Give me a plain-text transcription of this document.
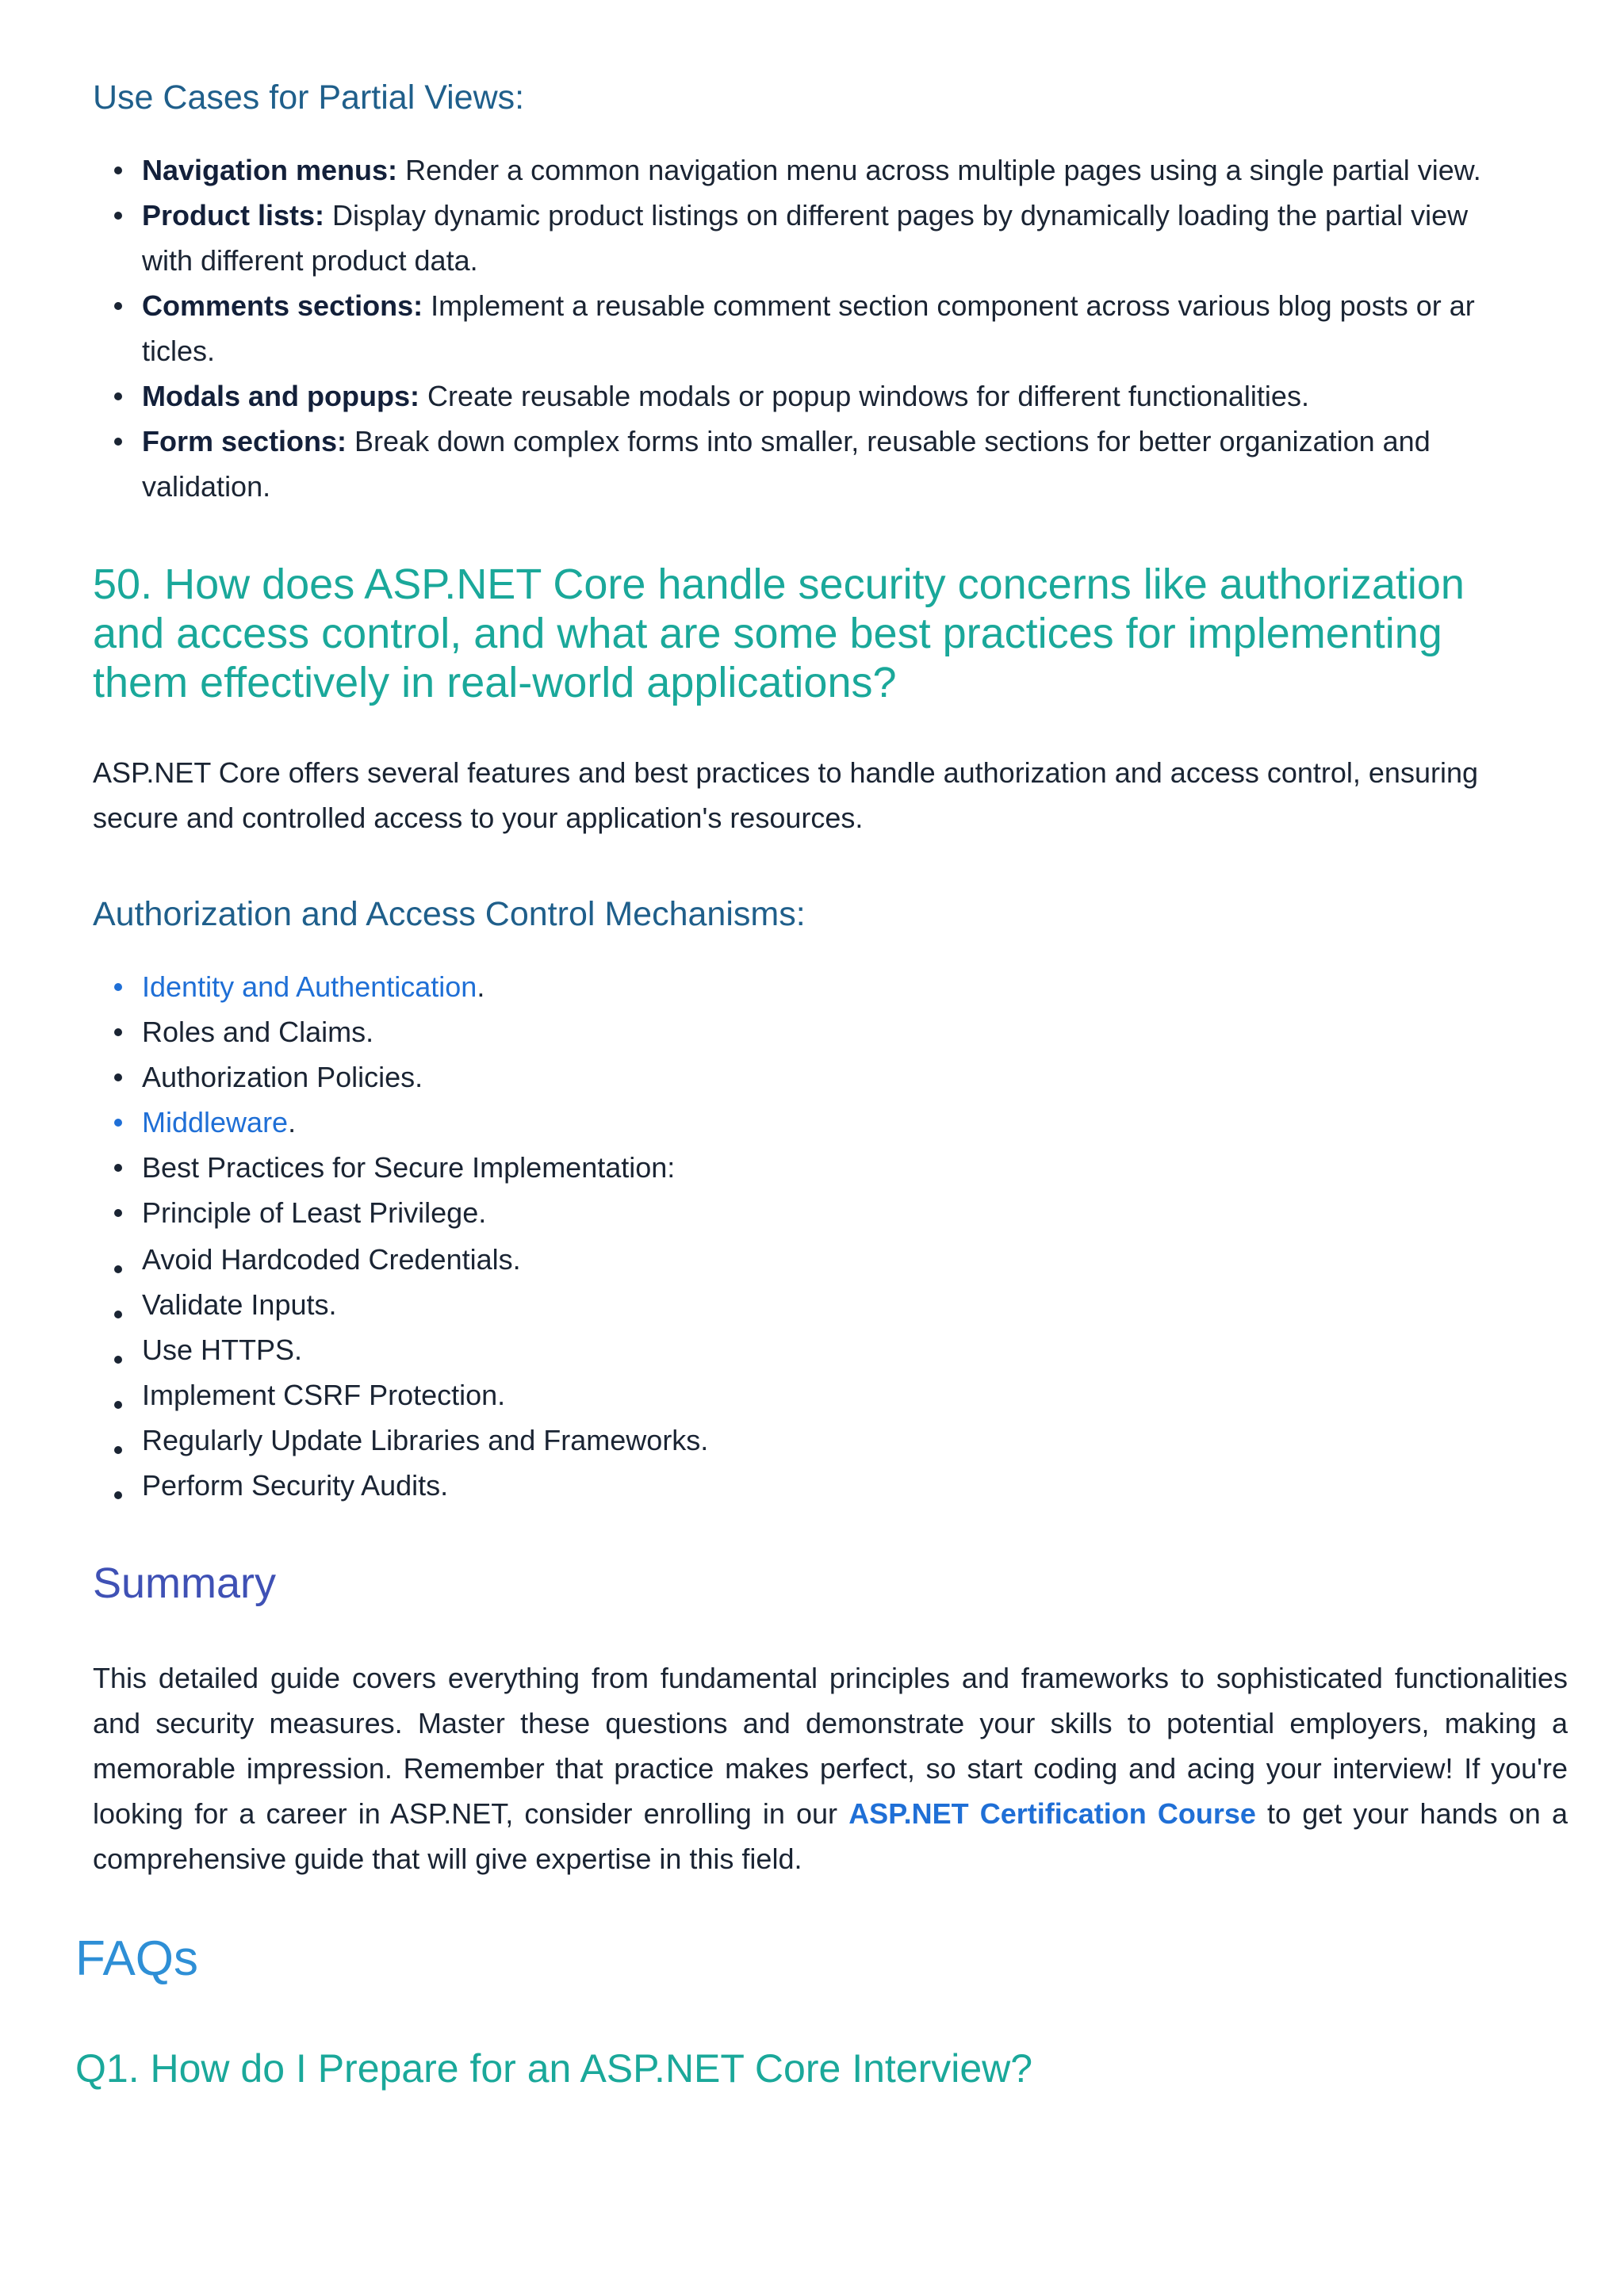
Use Cases for Partial Views:
Navigation menus: Render a common navigation menu across multiple pages using a single partial view.
Product lists: Display dynamic product listings on different pages by dynamically loading the partial view with different product data.
Comments sections: Implement a reusable comment section component across various blog posts or ar ticles.
Modals and popups: Create reusable modals or popup windows for different functionalities.
Form sections: Break down complex forms into smaller, reusable sections for better organization and validation.
50. How does ASP.NET Core handle security concerns like authorization and access control, and what are some best practices for implementing them effectively in real-world applications?

ASP.NET Core offers several features and best practices to handle authorization and access control, ensuring secure and controlled access to your application's resources.

Authorization and Access Control Mechanisms:
Identity and Authentication.
Roles and Claims.
Authorization Policies.
Middleware.
Best Practices for Secure Implementation:
Principle of Least Privilege.
Avoid Hardcoded Credentials.
Validate Inputs.
Use HTTPS.
Implement CSRF Protection.
Regularly Update Libraries and Frameworks.
Perform Security Audits.
Summary

This detailed guide covers everything from fundamental principles and frameworks to sophisticated functionalities and security measures. Master these questions and demonstrate your skills to potential employers, making a memorable impression. Remember that practice makes perfect, so start coding and acing your interview! If you're looking for a career in ASP.NET, consider enrolling in our ASP.NET Certification Course to get your hands on a comprehensive guide that will give expertise in this field.

FAQs
Q1. How do I Prepare for an ASP.NET Core Interview?
